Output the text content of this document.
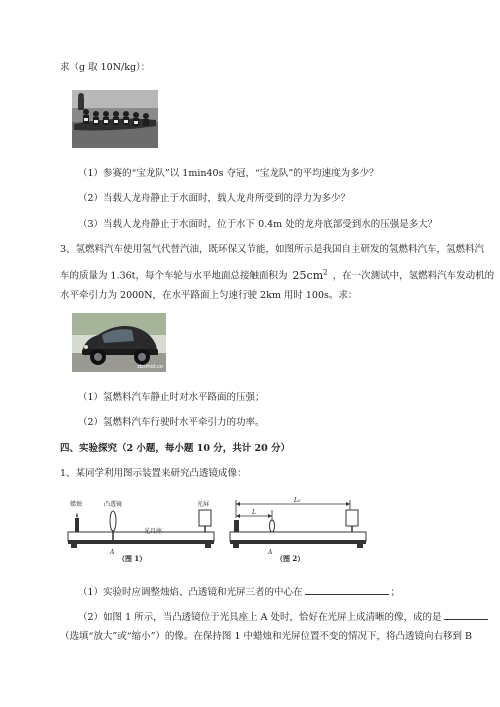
求（g 取 10N/kg）：
（1）参赛的“宝龙队”以 1min40s 夺冠，“宝龙队”的平均速度为多少？
（2）当载人龙舟静止于水面时，载人龙舟所受到的浮力为多少？
（3）当载人龙舟静止于水面时，位于水下 0.4m 处的龙舟底部受到水的压强是多大？
3、氢燃料汽车使用氢气代替汽油，既环保又节能，如图所示是我国自主研发的氢燃料汽车，氢燃料汽
车的质量为 1.36t，每个车轮与水平地面总接触面积为 $25cm^2$ ，在一次测试中，氢燃料汽车发动机的
水平牵引力为 2000N，在水平路面上匀速行驶 2km 用时 100s。求：
zbsmot.co
（1）氢燃料汽车静止时对水平路面的压强；
（2）氢燃料汽车行驶时水平牵引力的功率。
四、实验探究（2 小题，每小题 10 分，共计 20 分）
1、某同学利用图示装置来研究凸透镜成像：
蜡烛	凸透镜	光屏
光具座
A
（图 1）
L₀
L
A
（图 2）
（1）实验时应调整烛焰、凸透镜和光屏三者的中心在	；
（2）如图 1 所示，当凸透镜位于光具座上 A 处时，恰好在光屏上成清晰的像，成的是
（选填“放大”或“缩小”）的像。在保持图 1 中蜡烛和光屏位置不变的情况下，将凸透镜向右移到 B
